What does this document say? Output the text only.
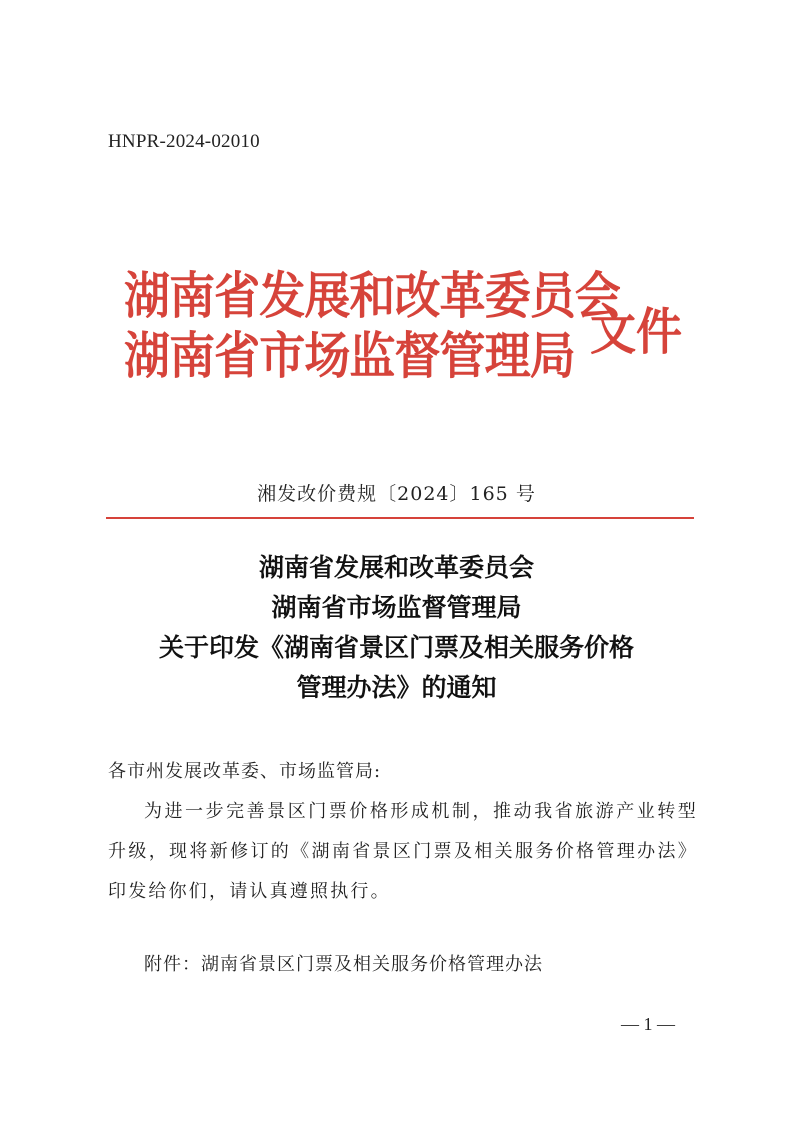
HNPR-2024-02010
湖南省发展和改革委员会
湖南省市场监督管理局 文件
湘发改价费规〔2024〕165 号
湖南省发展和改革委员会
湖南省市场监督管理局
关于印发《湖南省景区门票及相关服务价格
管理办法》的通知
各市州发展改革委、市场监管局:
为进一步完善景区门票价格形成机制，推动我省旅游产业转型升级，现将新修订的《湖南省景区门票及相关服务价格管理办法》印发给你们，请认真遵照执行。
附件：湖南省景区门票及相关服务价格管理办法
— 1 —
